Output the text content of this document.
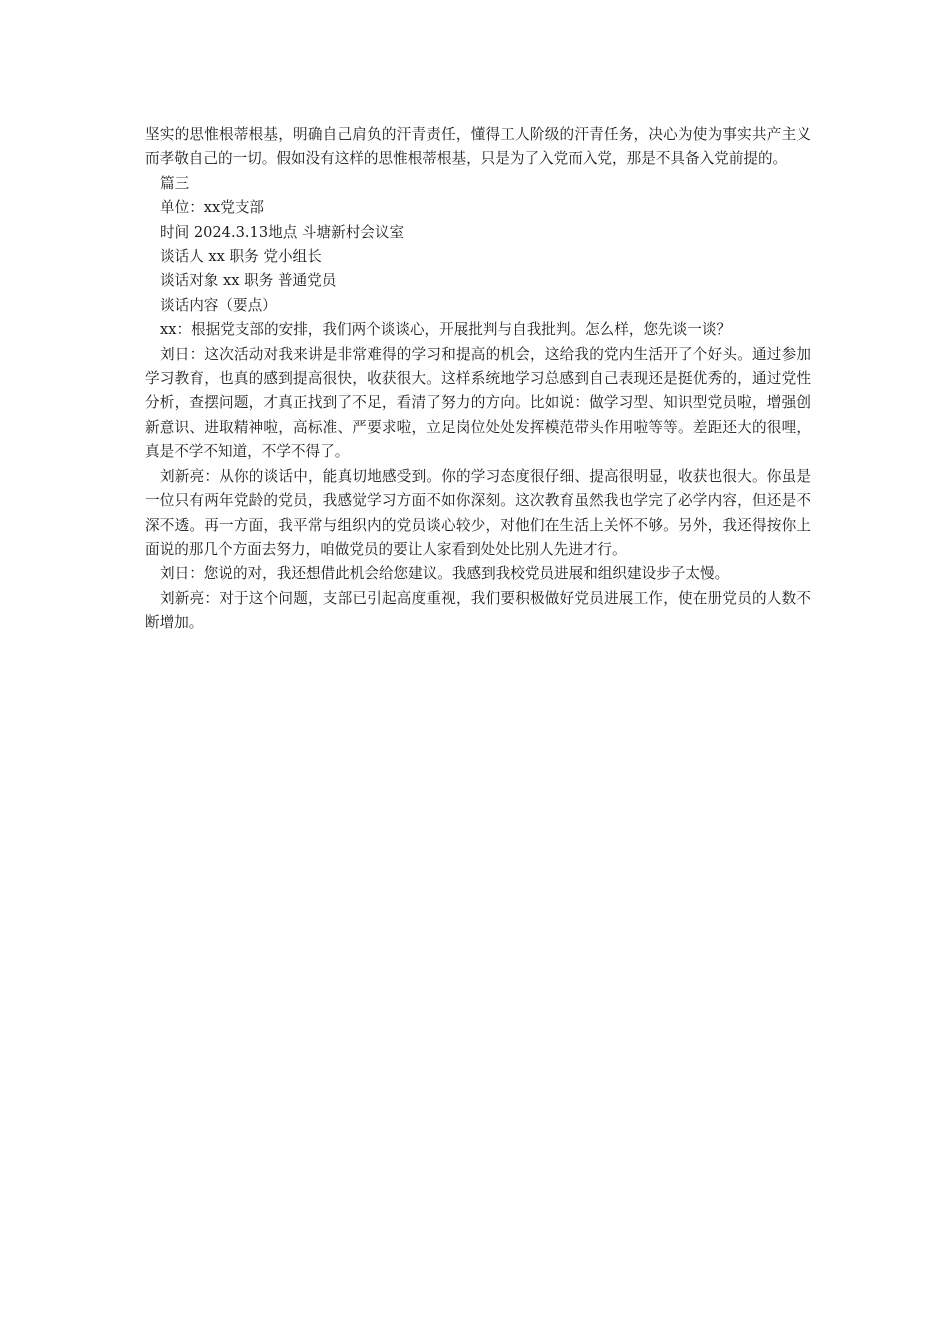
坚实的思惟根蒂根基，明确自己肩负的汗青责任，懂得工人阶级的汗青任务，决心为使为事实共产主义而孝敬自己的一切。假如没有这样的思惟根蒂根基，只是为了入党而入党，那是不具备入党前提的。

篇三

单位：xx党支部

时间 2024.3.13地点 斗塘新村会议室

谈话人 xx 职务 党小组长

谈话对象 xx 职务 普通党员

谈话内容（要点）

xx：根据党支部的安排，我们两个谈谈心，开展批判与自我批判。怎么样，您先谈一谈？

刘日：这次活动对我来讲是非常难得的学习和提高的机会，这给我的党内生活开了个好头。通过参加学习教育，也真的感到提高很快，收获很大。这样系统地学习总感到自己表现还是挺优秀的，通过党性分析，查摆问题，才真正找到了不足，看清了努力的方向。比如说：做学习型、知识型党员啦，增强创新意识、进取精神啦，高标准、严要求啦，立足岗位处处发挥模范带头作用啦等等。差距还大的很哩，真是不学不知道，不学不得了。

刘新亮：从你的谈话中，能真切地感受到。你的学习态度很仔细、提高很明显，收获也很大。你虽是一位只有两年党龄的党员，我感觉学习方面不如你深刻。这次教育虽然我也学完了必学内容，但还是不深不透。再一方面，我平常与组织内的党员谈心较少，对他们在生活上关怀不够。另外，我还得按你上面说的那几个方面去努力，咱做党员的要让人家看到处处比别人先进才行。

刘日：您说的对，我还想借此机会给您建议。我感到我校党员进展和组织建设步子太慢。

刘新亮：对于这个问题，支部已引起高度重视，我们要积极做好党员进展工作，使在册党员的人数不断增加。
